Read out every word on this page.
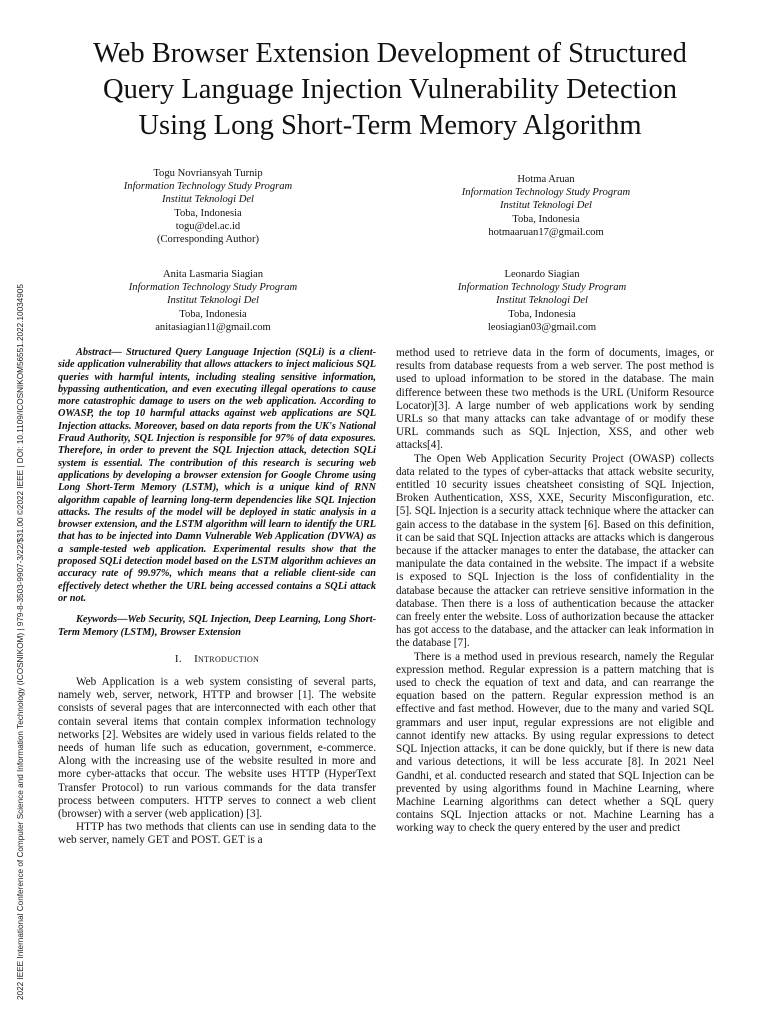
2022 IEEE International Conference of Computer Science and Information Technology (ICOSNIKOM) | 979-8-3503-9907-3/22/$31.00 ©2022 IEEE | DOI: 10.1109/ICOSNIKOM56551.2022.10034905
Web Browser Extension Development of Structured
Query Language Injection Vulnerability Detection
Using Long Short-Term Memory Algorithm
Togu Novriansyah Turnip
Information Technology Study Program
Institut Teknologi Del
Toba, Indonesia
togu@del.ac.id
(Corresponding Author)
Hotma Aruan
Information Technology Study Program
Institut Teknologi Del
Toba, Indonesia
hotmaaruan17@gmail.com
Anita Lasmaria Siagian
Information Technology Study Program
Institut Teknologi Del
Toba, Indonesia
anitasiagian11@gmail.com
Leonardo Siagian
Information Technology Study Program
Institut Teknologi Del
Toba, Indonesia
leosiagian03@gmail.com

Abstract— Structured Query Language Injection (SQLi) is a client-side application vulnerability that allows attackers to inject malicious SQL queries with harmful intents, including stealing sensitive information, bypassing authentication, and even executing illegal operations to cause more catastrophic damage to users on the web application. According to OWASP, the top 10 harmful attacks against web applications are SQL Injection attacks. Moreover, based on data reports from the UK's National Fraud Authority, SQL Injection is responsible for 97% of data exposures. Therefore, in order to prevent the SQL Injection attack, detection SQLi system is essential. The contribution of this research is securing web applications by developing a browser extension for Google Chrome using Long Short-Term Memory (LSTM), which is a unique kind of RNN algorithm capable of learning long-term dependencies like SQL Injection attacks. The results of the model will be deployed in static analysis in a browser extension, and the LSTM algorithm will learn to identify the URL that has to be injected into Damn Vulnerable Web Application (DVWA) as a sample-tested web application. Experimental results show that the proposed SQLi detection model based on the LSTM algorithm achieves an accuracy rate of 99.97%, which means that a reliable client-side can effectively detect whether the URL being accessed contains a SQLi attack or not.

Keywords—Web Security, SQL Injection, Deep Learning, Long Short-Term Memory (LSTM), Browser Extension

I. Introduction

Web Application is a web system consisting of several parts, namely web, server, network, HTTP and browser [1]. The website consists of several pages that are interconnected with each other that contain several items that contain complex information technology networks [2]. Websites are widely used in various fields related to the needs of human life such as education, government, e-commerce. Along with the increasing use of the website resulted in more and more cyber-attacks that occur. The website uses HTTP (HyperText Transfer Protocol) to run various commands for the data transfer process between computers. HTTP serves to connect a web client (browser) with a server (web application) [3].

HTTP has two methods that clients can use in sending data to the web server, namely GET and POST. GET is a

method used to retrieve data in the form of documents, images, or results from database requests from a web server. The post method is used to upload information to be stored in the database. The main difference between these two methods is the URL (Uniform Resource Locator)[3]. A large number of web applications work by sending URLs so that many attacks can take advantage of or modify these URL commands such as SQL Injection, XSS, and other web attacks[4].

The Open Web Application Security Project (OWASP) collects data related to the types of cyber-attacks that attack website security, entitled 10 security issues cheatsheet consisting of SQL Injection, Broken Authentication, XSS, XXE, Security Misconfiguration, etc. [5]. SQL Injection is a security attack technique where the attacker can gain access to the database in the system [6]. Based on this definition, it can be said that SQL Injection attacks are attacks which is dangerous because if the attacker manages to enter the database, the attacker can manipulate the data contained in the website. The impact if a website is exposed to SQL Injection is the loss of confidentiality in the database because the attacker can retrieve sensitive information in the database. Then there is a loss of authentication because the attacker can freely enter the website. Loss of authorization because the attacker has got access to the database, and the attacker can leak information in the database [7].

There is a method used in previous research, namely the Regular expression method. Regular expression is a pattern matching that is used to check the equation of text and data, and can rearrange the equation based on the pattern. Regular expression method is an effective and fast method. However, due to the many and varied SQL grammars and user input, regular expressions are not eligible and cannot identify new attacks. By using regular expressions to detect SQL Injection attacks, it can be done quickly, but if there is new data and various detections, it will be less accurate [8]. In 2021 Neel Gandhi, et al. conducted research and stated that SQL Injection can be prevented by using algorithms found in Machine Learning, where Machine Learning algorithms can detect whether a SQL query contains SQL Injection attacks or not. Machine Learning has a working way to check the query entered by the user and predict
